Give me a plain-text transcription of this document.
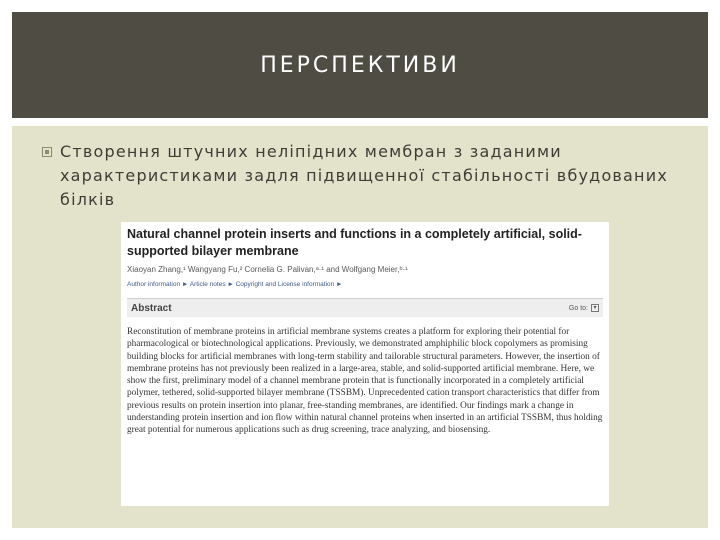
ПЕРСПЕКТИВИ

Створення штучних неліпідних мембран з заданими характеристиками задля підвищенної стабільності вбудованих білків

Natural channel protein inserts and functions in a completely artificial, solid-supported bilayer membrane
Xiaoyan Zhang,¹ Wangyang Fu,² Cornelia G. Palivan,ᵃ·¹ and Wolfgang Meier,ᵇ·¹
Author information ► Article notes ► Copyright and License information ►
Abstract	Go to: ▾

Reconstitution of membrane proteins in artificial membrane systems creates a platform for exploring their potential for pharmacological or biotechnological applications. Previously, we demonstrated amphiphilic block copolymers as promising building blocks for artificial membranes with long-term stability and tailorable structural parameters. However, the insertion of membrane proteins has not previously been realized in a large-area, stable, and solid-supported artificial membrane. Here, we show the first, preliminary model of a channel membrane protein that is functionally incorporated in a completely artificial polymer, tethered, solid-supported bilayer membrane (TSSBM). Unprecedented cation transport characteristics that differ from previous results on protein insertion into planar, free-standing membranes, are identified. Our findings mark a change in understanding protein insertion and ion flow within natural channel proteins when inserted in an artificial TSSBM, thus holding great potential for numerous applications such as drug screening, trace analyzing, and biosensing.
